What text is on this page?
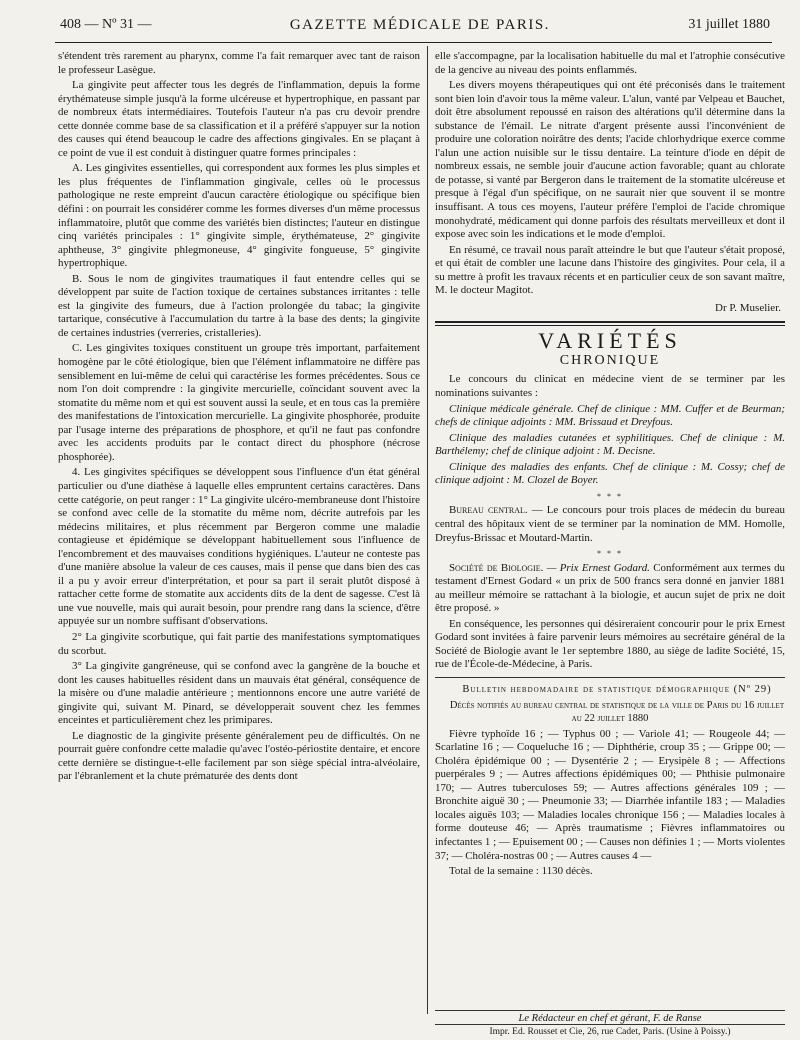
408 — Nº 31 —	GAZETTE MÉDICALE DE PARIS.	31 juillet 1880

s'étendent très rarement au pharynx, comme l'a fait remarquer avec tant de raison le professeur Lasègue.

La gingivite peut affecter tous les degrés de l'inflammation, depuis la forme érythémateuse simple jusqu'à la forme ulcéreuse et hypertrophique, en passant par de nombreux états intermédiaires. Toutefois l'auteur n'a pas cru devoir prendre cette donnée comme base de sa classification et il a préféré s'appuyer sur la notion des causes qui étend beaucoup le cadre des affections gingivales. En se plaçant à ce point de vue il est conduit à distinguer quatre formes principales :

A. Les gingivites essentielles, qui correspondent aux formes les plus simples et les plus fréquentes de l'inflammation gingivale, celles où le processus pathologique ne reste empreint d'aucun caractère étiologique ou spécifique bien défini : on pourrait les considérer comme les formes diverses d'un même processus inflammatoire, plutôt que comme des variétés bien distinctes; l'auteur en distingue cinq variétés principales : 1° gingivite simple, érythémateuse, 2° gingivite aphtheuse, 3° gingivite phlegmoneuse, 4° gingivite fongueuse, 5° gingivite hypertrophique.

B. Sous le nom de gingivites traumatiques il faut entendre celles qui se développent par suite de l'action toxique de certaines substances irritantes : telle est la gingivite des fumeurs, due à l'action prolongée du tabac; la gingivite tartarique, consécutive à l'accumulation du tartre à la base des dents; la gingivite de certaines industries (verreries, cristalleries).

C. Les gingivites toxiques constituent un groupe très important, parfaitement homogène par le côté étiologique, bien que l'élément inflammatoire ne diffère pas sensiblement en lui-même de celui qui caractérise les formes précédentes. Sous ce nom l'on doit comprendre : la gingivite mercurielle, coïncidant souvent avec la stomatite du même nom et qui est souvent aussi la seule, et en tous cas la première des manifestations de l'intoxication mercurielle. La gingivite phosphorée, produite par l'usage interne des préparations de phosphore, et qu'il ne faut pas confondre avec les accidents produits par le contact direct du phosphore (nécrose phosphorée).

4. Les gingivites spécifiques se développent sous l'influence d'un état général particulier ou d'une diathèse à laquelle elles empruntent certains caractères. Dans cette catégorie, on peut ranger : 1° La gingivite ulcéro-membraneuse dont l'histoire se confond avec celle de la stomatite du même nom, décrite autrefois par les médecins militaires, et plus récemment par Bergeron comme une maladie contagieuse et épidémique se développant habituellement sous l'influence de l'encombrement et des mauvaises conditions hygiéniques. L'auteur ne conteste pas d'une manière absolue la valeur de ces causes, mais il pense que dans bien des cas il a pu y avoir erreur d'interprétation, et pour sa part il serait plutôt disposé à rattacher cette forme de stomatite aux accidents dits de la dent de sagesse. C'est là une vue nouvelle, mais qui aurait besoin, pour prendre rang dans la science, d'être appuyée sur un nombre suffisant d'observations.

2° La gingivite scorbutique, qui fait partie des manifestations symptomatiques du scorbut.

3° La gingivite gangréneuse, qui se confond avec la gangrène de la bouche et dont les causes habituelles résident dans un mauvais état général, conséquence de la misère ou d'une maladie antérieure ; mentionnons encore une autre variété de gingivite qui, suivant M. Pinard, se développerait souvent chez les femmes enceintes et particulièrement chez les primipares.

Le diagnostic de la gingivite présente généralement peu de difficultés. On ne pourrait guère confondre cette maladie qu'avec l'ostéo-périostite dentaire, et encore cette dernière se distingue-t-elle facilement par son siège spécial intra-alvéolaire, par l'ébranlement et la chute prématurée des dents dont

elle s'accompagne, par la localisation habituelle du mal et l'atrophie consécutive de la gencive au niveau des points enflammés.

Les divers moyens thérapeutiques qui ont été préconisés dans le traitement sont bien loin d'avoir tous la même valeur. L'alun, vanté par Velpeau et Bauchet, doit être absolument repoussé en raison des altérations qu'il détermine dans la substance de l'émail. Le nitrate d'argent présente aussi l'inconvénient de produire une coloration noirâtre des dents; l'acide chlorhydrique exerce comme l'alun une action nuisible sur le tissu dentaire. La teinture d'iode en dépit de nombreux essais, ne semble jouir d'aucune action favorable; quant au chlorate de potasse, si vanté par Bergeron dans le traitement de la stomatite ulcéreuse et presque à l'égal d'un spécifique, on ne saurait nier que souvent il se montre insuffisant. A tous ces moyens, l'auteur préfère l'emploi de l'acide chromique monohydraté, médicament qui donne parfois des résultats merveilleux et dont il expose avec soin les indications et le mode d'emploi.

En résumé, ce travail nous paraît atteindre le but que l'auteur s'était proposé, et qui était de combler une lacune dans l'histoire des gingivites. Pour cela, il a su mettre à profit les travaux récents et en particulier ceux de son savant maître, M. le docteur Magitot.

Dr P. Muselier.

VARIÉTÉS
CHRONIQUE

Le concours du clinicat en médecine vient de se terminer par les nominations suivantes :

Clinique médicale générale. Chef de clinique : MM. Cuffer et de Beurman; chefs de clinique adjoints : MM. Brissaud et Dreyfous.

Clinique des maladies cutanées et syphilitiques. Chef de clinique : M. Barthélemy; chef de clinique adjoint : M. Decisne.

Clinique des maladies des enfants. Chef de clinique : M. Cossy; chef de clinique adjoint : M. Clozel de Boyer.

* * *

Bureau central. — Le concours pour trois places de médecin du bureau central des hôpitaux vient de se terminer par la nomination de MM. Homolle, Dreyfus-Brissac et Moutard-Martin.

* * *

Société de Biologie. — Prix Ernest Godard. Conformément aux termes du testament d'Ernest Godard « un prix de 500 francs sera donné en janvier 1881 au meilleur mémoire se rattachant à la biologie, et aucun sujet de prix ne doit être proposé. »

En conséquence, les personnes qui désireraient concourir pour le prix Ernest Godard sont invitées à faire parvenir leurs mémoires au secrétaire général de la Société de Biologie avant le 1er septembre 1880, au siège de ladite Société, 15, rue de l'École-de-Médecine, à Paris.

Bulletin hebdomadaire de statistique démographique (Nº 29)

Décès notifiés au bureau central de statistique de la ville de Paris du 16 juillet au 22 juillet 1880

Fièvre typhoïde 16 ; — Typhus 00 ; — Variole 41; — Rougeole 44; — Scarlatine 16 ; — Coqueluche 16 ; — Diphthérie, croup 35 ; — Grippe 00; — Choléra épidémique 00 ; — Dysentérie 2 ; — Erysipèle 8 ; — Affections puerpérales 9 ; — Autres affections épidémiques 00; — Phthisie pulmonaire 170; — Autres tuberculoses 59; — Autres affections générales 109 ; — Bronchite aiguë 30 ; — Pneumonie 33; — Diarrhée infantile 183 ; — Maladies locales aiguës 103; — Maladies locales chronique 156 ; — Maladies locales à forme douteuse 46; — Après traumatisme ; Fièvres inflammatoires ou infectantes 1 ; — Epuisement 00 ; — Causes non définies 1 ; — Morts violentes 37; — Choléra-nostras 00 ; — Autres causes 4 —

Total de la semaine : 1130 décès.

Le Rédacteur en chef et gérant, F. de Ranse
Impr. Ed. Rousset et Cie, 26, rue Cadet, Paris. (Usine à Poissy.)
